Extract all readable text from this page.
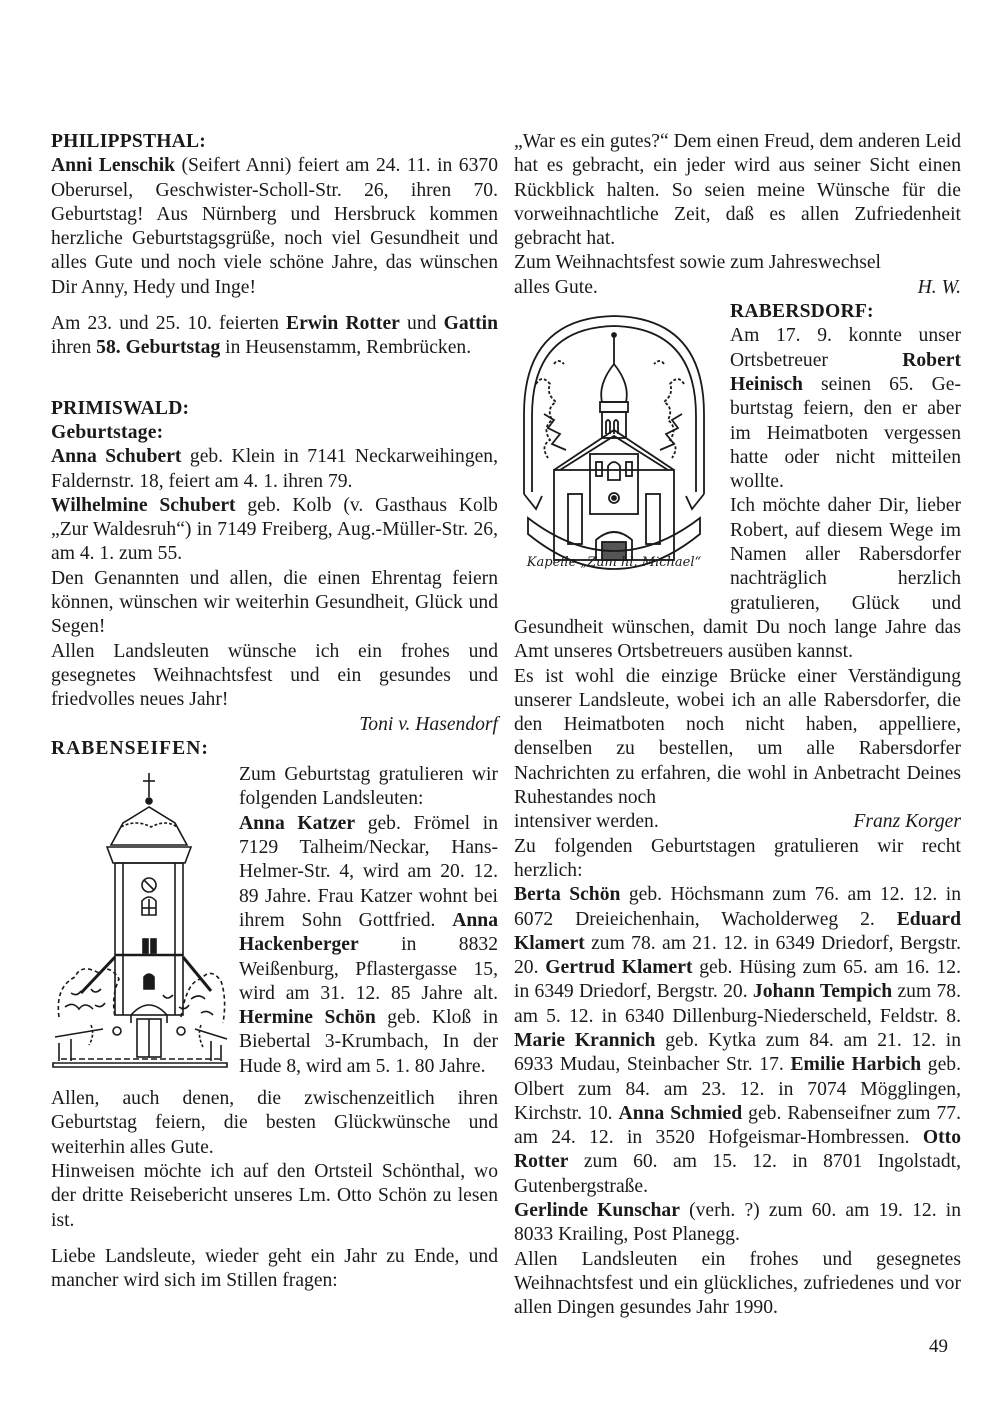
PHILIPPSTHAL:

Anni Lenschik (Seifert Anni) feiert am 24. 11. in 6370 Oberursel, Geschwister-Scholl-Str. 26, ihren 70. Geburtstag! Aus Nürnberg und Hersbruck kommen herzliche Geburtstagsgrüße, noch viel Gesundheit und alles Gute und noch viele schöne Jahre, das wünschen Dir Anny, Hedy und Inge!

Am 23. und 25. 10. feierten Erwin Rotter und Gattin ihren 58. Geburtstag in Heusenstamm, Rembrücken.

PRIMISWALD:
Geburtstage:

Anna Schubert geb. Klein in 7141 Neckarweihingen, Faldernstr. 18, feiert am 4. 1. ihren 79.

Wilhelmine Schubert geb. Kolb (v. Gasthaus Kolb „Zur Waldesruh“) in 7149 Freiberg, Aug.-Müller-Str. 26, am 4. 1. zum 55.

Den Genannten und allen, die einen Ehrentag feiern können, wünschen wir weiterhin Gesundheit, Glück und Segen!

Allen Landsleuten wünsche ich ein frohes und gesegnetes Weihnachtsfest und ein gesundes und friedvolles neues Jahr!

Toni v. Hasendorf

RABENSEIFEN:

Zum Geburtstag gratulieren wir folgenden Landsleuten:

Anna Katzer geb. Frömel in 7129 Talheim/Neckar, Hans-Helmer-Str. 4, wird am 20. 12. 89 Jahre. Frau Katzer wohnt bei ihrem Sohn Gottfried. Anna Hackenberger in 8832 Weißenburg, Pflastergasse 15, wird am 31. 12. 85 Jahre alt. Hermine Schön geb. Kloß in Biebertal 3-Krumbach, In der Hude 8, wird am 5. 1. 80 Jahre.

Allen, auch denen, die zwischenzeitlich ihren Geburtstag feiern, die besten Glückwünsche und weiterhin alles Gute.

Hinweisen möchte ich auf den Ortsteil Schönthal, wo der dritte Reisebericht unseres Lm. Otto Schön zu lesen ist.

Liebe Landsleute, wieder geht ein Jahr zu Ende, und mancher wird sich im Stillen fragen:

„War es ein gutes?“ Dem einen Freud, dem anderen Leid hat es gebracht, ein jeder wird aus seiner Sicht einen Rückblick halten. So seien meine Wünsche für die vorweihnachtliche Zeit, daß es allen Zufriedenheit gebracht hat.

Zum Weihnachtsfest sowie zum Jahreswechsel

alles Gute.	H. W.

Kapelle „Zum hl. Michael“
RABERSDORF:

Am 17. 9. konnte unser Ortsbetreuer Robert Heinisch seinen 65. Geburtstag feiern, den er aber im Heimatboten vergessen hatte oder nicht mitteilen wollte.

Ich möchte daher Dir, lieber Robert, auf diesem Wege im Namen aller Rabersdorfer nachträglich herzlich gratulieren, Glück und Gesundheit wünschen, damit Du noch lange Jahre das Amt unseres Ortsbetreuers ausüben kannst.

Es ist wohl die einzige Brücke einer Verständigung unserer Landsleute, wobei ich an alle Rabersdorfer, die den Heimatboten noch nicht haben, appelliere, denselben zu bestellen, um alle Rabersdorfer Nachrichten zu erfahren, die wohl in Anbetracht Deines Ruhestandes noch

intensiver werden.	Franz Korger

Zu folgenden Geburtstagen gratulieren wir recht herzlich:

Berta Schön geb. Höchsmann zum 76. am 12. 12. in 6072 Dreieichenhain, Wacholderweg 2. Eduard Klamert zum 78. am 21. 12. in 6349 Driedorf, Bergstr. 20. Gertrud Klamert geb. Hüsing zum 65. am 16. 12. in 6349 Driedorf, Bergstr. 20. Johann Tempich zum 78. am 5. 12. in 6340 Dillenburg-Niederscheld, Feldstr. 8. Marie Krannich geb. Kytka zum 84. am 21. 12. in 6933 Mudau, Steinbacher Str. 17. Emilie Harbich geb. Olbert zum 84. am 23. 12. in 7074 Mögglingen, Kirchstr. 10. Anna Schmied geb. Rabenseifner zum 77. am 24. 12. in 3520 Hofgeismar-Hombressen. Otto Rotter zum 60. am 15. 12. in 8701 Ingolstadt, Gutenbergstraße.

Gerlinde Kunschar (verh. ?) zum 60. am 19. 12. in 8033 Krailing, Post Planegg.

Allen Landsleuten ein frohes und gesegnetes Weihnachtsfest und ein glückliches, zufriedenes und vor allen Dingen gesundes Jahr 1990.

49
